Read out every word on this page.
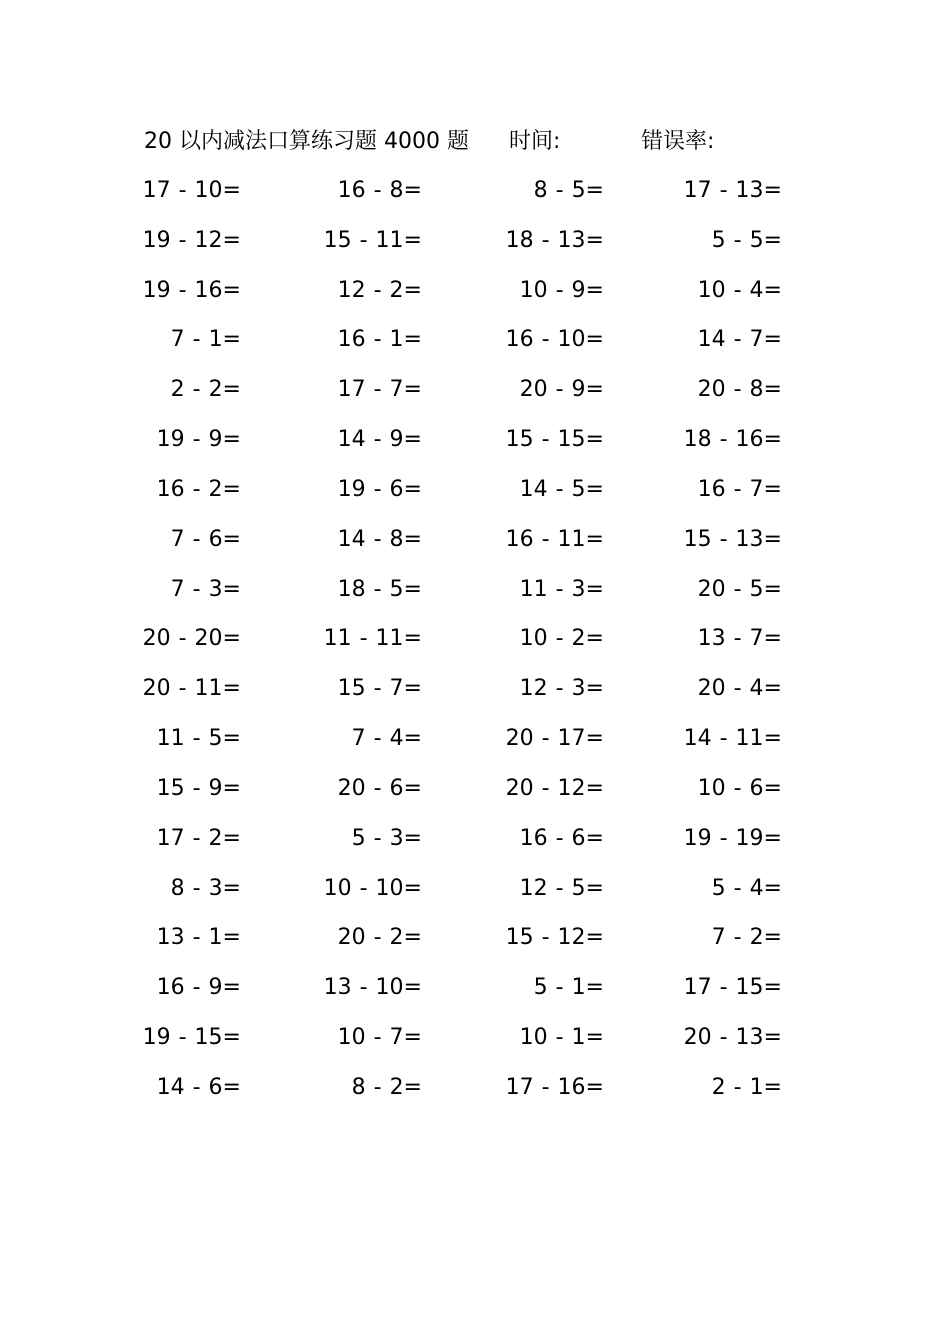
20 以内减法口算练习题 4000 题 时间:	错误率:
17 - 10=	16 - 8=	8 - 5=	17 - 13=
19 - 12=	15 - 11=	18 - 13=	5 - 5=
19 - 16=	12 - 2=	10 - 9=	10 - 4=
7 - 1=	16 - 1=	16 - 10=	14 - 7=
2 - 2=	17 - 7=	20 - 9=	20 - 8=
19 - 9=	14 - 9=	15 - 15=	18 - 16=
16 - 2=	19 - 6=	14 - 5=	16 - 7=
7 - 6=	14 - 8=	16 - 11=	15 - 13=
7 - 3=	18 - 5=	11 - 3=	20 - 5=
20 - 20=	11 - 11=	10 - 2=	13 - 7=
20 - 11=	15 - 7=	12 - 3=	20 - 4=
11 - 5=	7 - 4=	20 - 17=	14 - 11=
15 - 9=	20 - 6=	20 - 12=	10 - 6=
17 - 2=	5 - 3=	16 - 6=	19 - 19=
8 - 3=	10 - 10=	12 - 5=	5 - 4=
13 - 1=	20 - 2=	15 - 12=	7 - 2=
16 - 9=	13 - 10=	5 - 1=	17 - 15=
19 - 15=	10 - 7=	10 - 1=	20 - 13=
14 - 6=	8 - 2=	17 - 16=	2 - 1=
